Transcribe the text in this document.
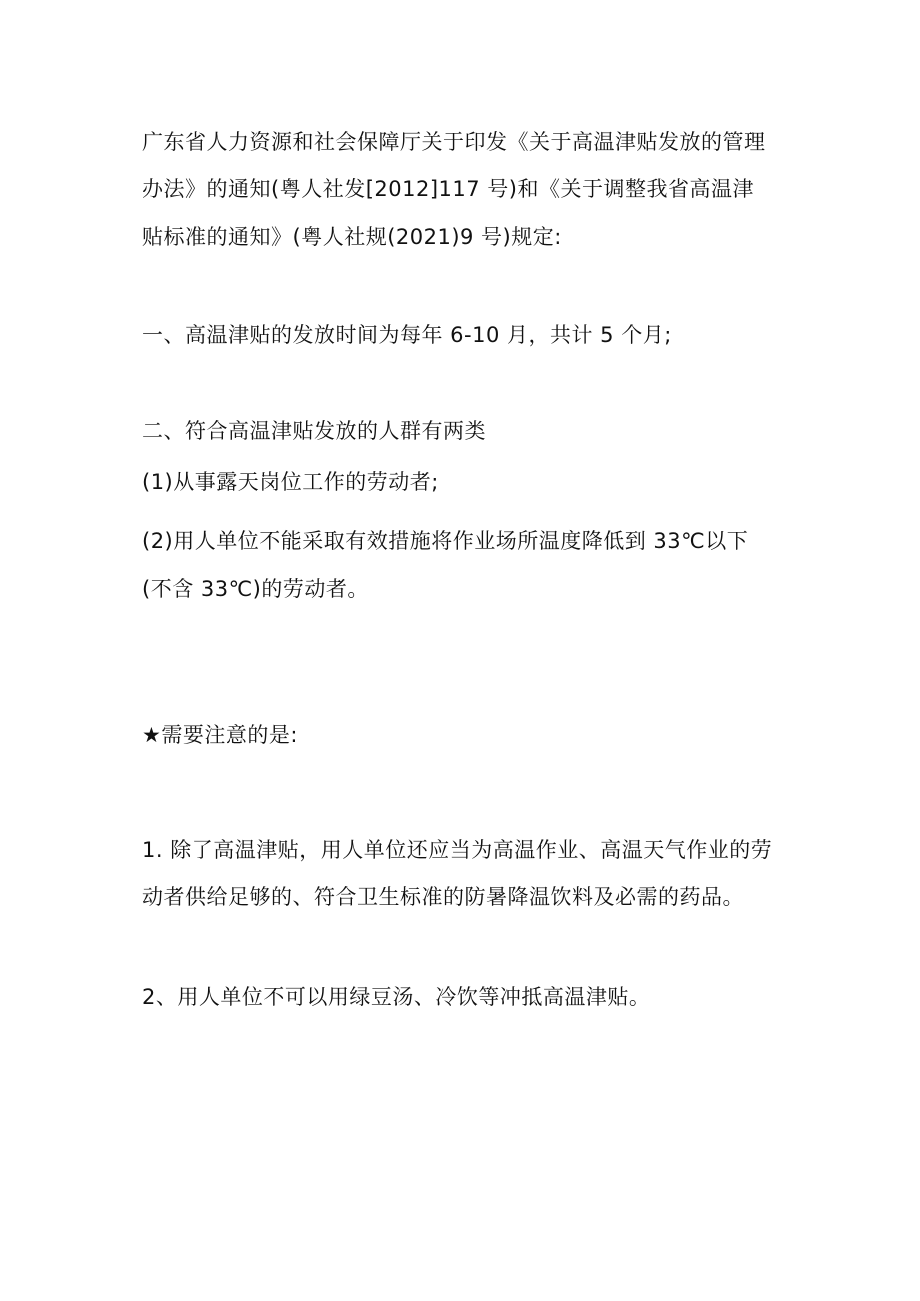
广东省人力资源和社会保障厅关于印发《关于高温津贴发放的管理
办法》的通知(粤人社发[2012]117 号)和《关于调整我省高温津
贴标准的通知》(粤人社规(2021)9 号)规定:
一、高温津贴的发放时间为每年 6-10 月，共计 5 个月;
二、符合高温津贴发放的人群有两类
(1)从事露天岗位工作的劳动者;
(2)用人单位不能采取有效措施将作业场所温度降低到 33℃以下
(不含 33℃)的劳动者。
★需要注意的是:
1. 除了高温津贴，用人单位还应当为高温作业、高温天气作业的劳
动者供给足够的、符合卫生标准的防暑降温饮料及必需的药品。
2、用人单位不可以用绿豆汤、冷饮等冲抵高温津贴。
